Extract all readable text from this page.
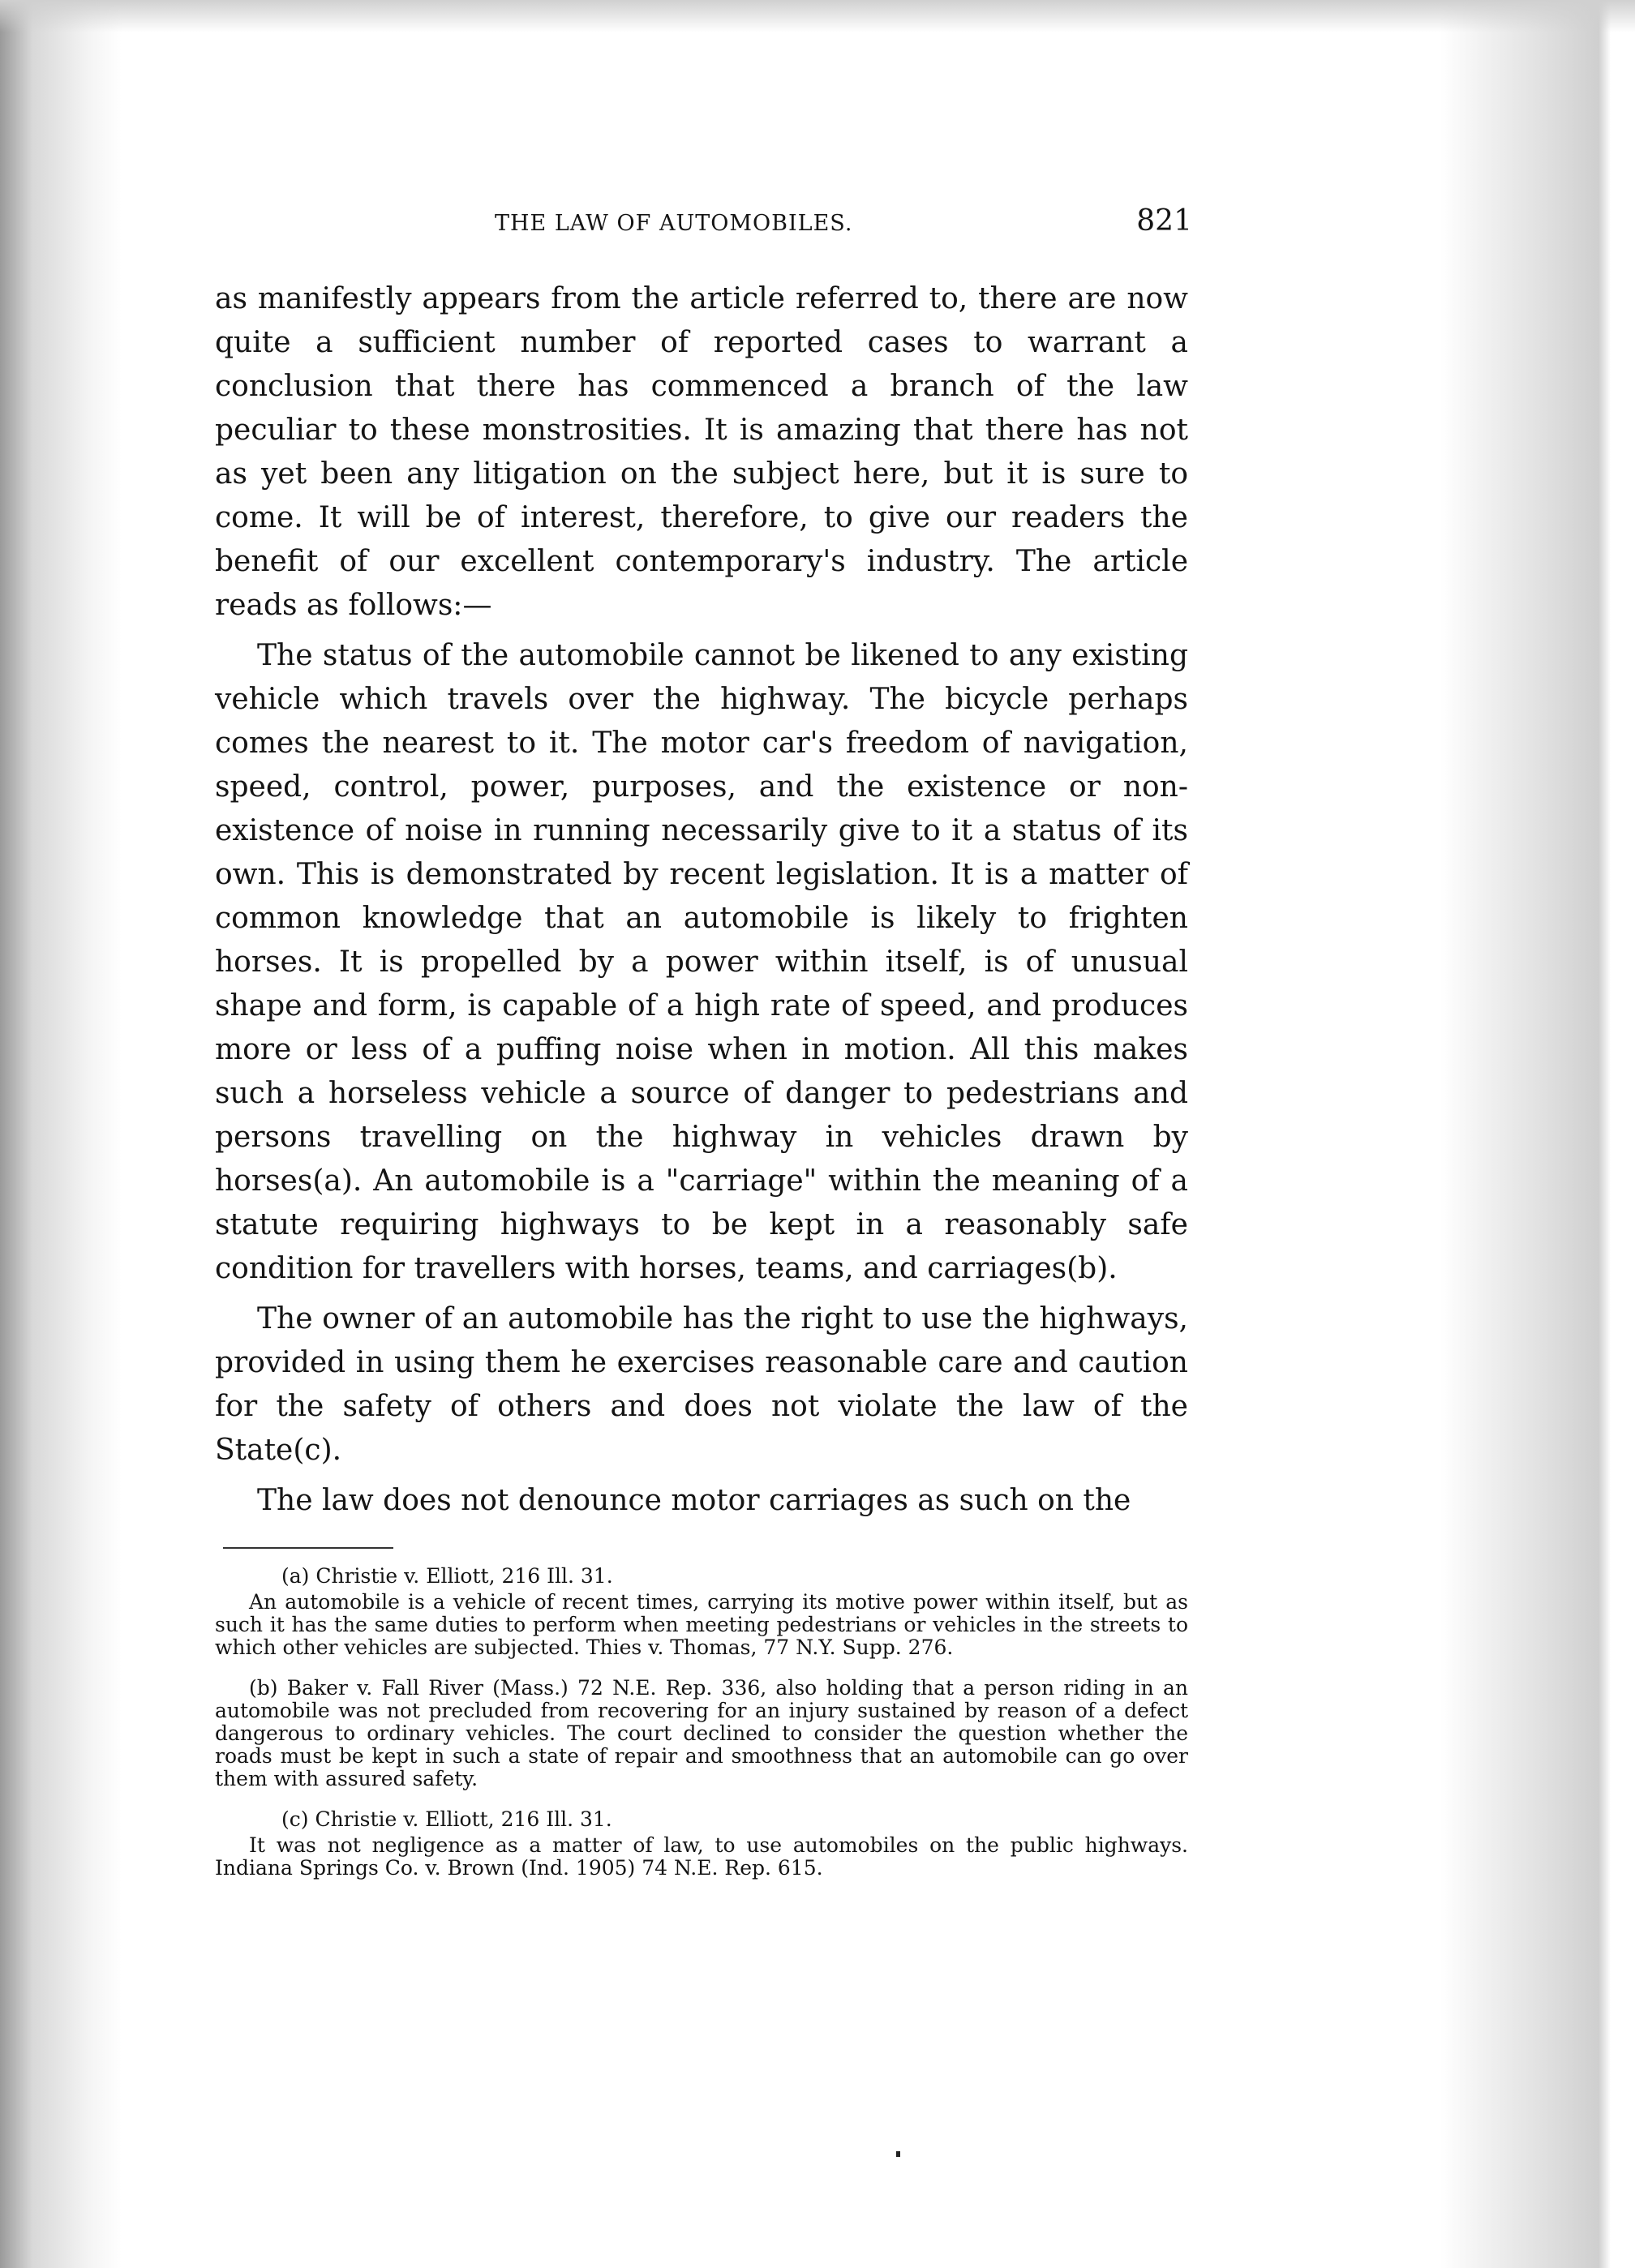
THE LAW OF AUTOMOBILES.	821

as manifestly appears from the article referred to, there are now quite a sufficient number of reported cases to warrant a conclusion that there has commenced a branch of the law peculiar to these monstrosities. It is amazing that there has not as yet been any litigation on the subject here, but it is sure to come. It will be of interest, therefore, to give our readers the benefit of our excellent contemporary's industry. The article reads as follows:—

The status of the automobile cannot be likened to any existing vehicle which travels over the highway. The bicycle perhaps comes the nearest to it. The motor car's freedom of navigation, speed, control, power, purposes, and the existence or non-existence of noise in running necessarily give to it a status of its own. This is demonstrated by recent legislation. It is a matter of common knowledge that an automobile is likely to frighten horses. It is propelled by a power within itself, is of unusual shape and form, is capable of a high rate of speed, and produces more or less of a puffing noise when in motion. All this makes such a horseless vehicle a source of danger to pedestrians and persons travelling on the highway in vehicles drawn by horses(a). An automobile is a "carriage" within the meaning of a statute requiring highways to be kept in a reasonably safe condition for travellers with horses, teams, and carriages(b).

The owner of an automobile has the right to use the highways, provided in using them he exercises reasonable care and caution for the safety of others and does not violate the law of the State(c).

The law does not denounce motor carriages as such on the

(a) Christie v. Elliott, 216 Ill. 31.
An automobile is a vehicle of recent times, carrying its motive power within itself, but as such it has the same duties to perform when meeting pedestrians or vehicles in the streets to which other vehicles are subjected. Thies v. Thomas, 77 N.Y. Supp. 276.
(b) Baker v. Fall River (Mass.) 72 N.E. Rep. 336, also holding that a person riding in an automobile was not precluded from recovering for an injury sustained by reason of a defect dangerous to ordinary vehicles. The court declined to consider the question whether the roads must be kept in such a state of repair and smoothness that an automobile can go over them with assured safety.
(c) Christie v. Elliott, 216 Ill. 31.
It was not negligence as a matter of law, to use automobiles on the public highways. Indiana Springs Co. v. Brown (Ind. 1905) 74 N.E. Rep. 615.
